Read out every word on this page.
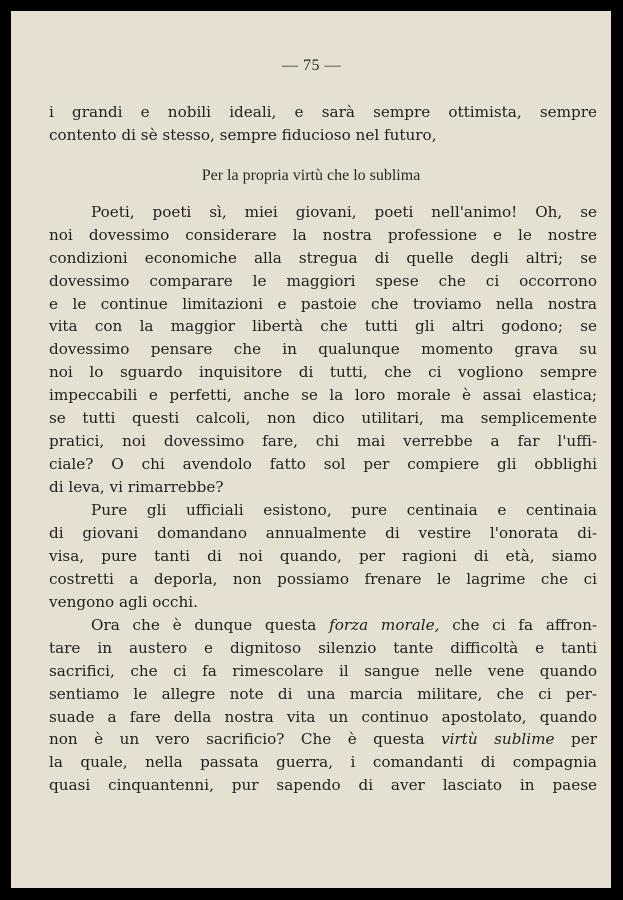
— 75 —
i grandi e nobili ideali, e sarà sempre ottimista, sempre
contento di sè stesso, sempre fiducioso nel futuro,
Per la propria virtù che lo sublima
Poeti, poeti sì, miei giovani, poeti nell'animo! Oh, se
noi dovessimo considerare la nostra professione e le nostre
condizioni economiche alla stregua di quelle degli altri; se
dovessimo comparare le maggiori spese che ci occorrono
e le continue limitazioni e pastoie che troviamo nella nostra
vita con la maggior libertà che tutti gli altri godono; se
dovessimo pensare che in qualunque momento grava su
noi lo sguardo inquisitore di tutti, che ci vogliono sempre
impeccabili e perfetti, anche se la loro morale è assai elastica;
se tutti questi calcoli, non dico utilitari, ma semplicemente
pratici, noi dovessimo fare, chi mai verrebbe a far l'uffi-
ciale? O chi avendolo fatto sol per compiere gli obblighi
di leva, vi rimarrebbe?
Pure gli ufficiali esistono, pure centinaia e centinaia
di giovani domandano annualmente di vestire l'onorata di-
visa, pure tanti di noi quando, per ragioni di età, siamo
costretti a deporla, non possiamo frenare le lagrime che ci
vengono agli occhi.
Ora che è dunque questa forza morale, che ci fa affron-
tare in austero e dignitoso silenzio tante difficoltà e tanti
sacrifici, che ci fa rimescolare il sangue nelle vene quando
sentiamo le allegre note di una marcia militare, che ci per-
suade a fare della nostra vita un continuo apostolato, quando
non è un vero sacrificio? Che è questa virtù sublime per
la quale, nella passata guerra, i comandanti di compagnia
quasi cinquantenni, pur sapendo di aver lasciato in paese
